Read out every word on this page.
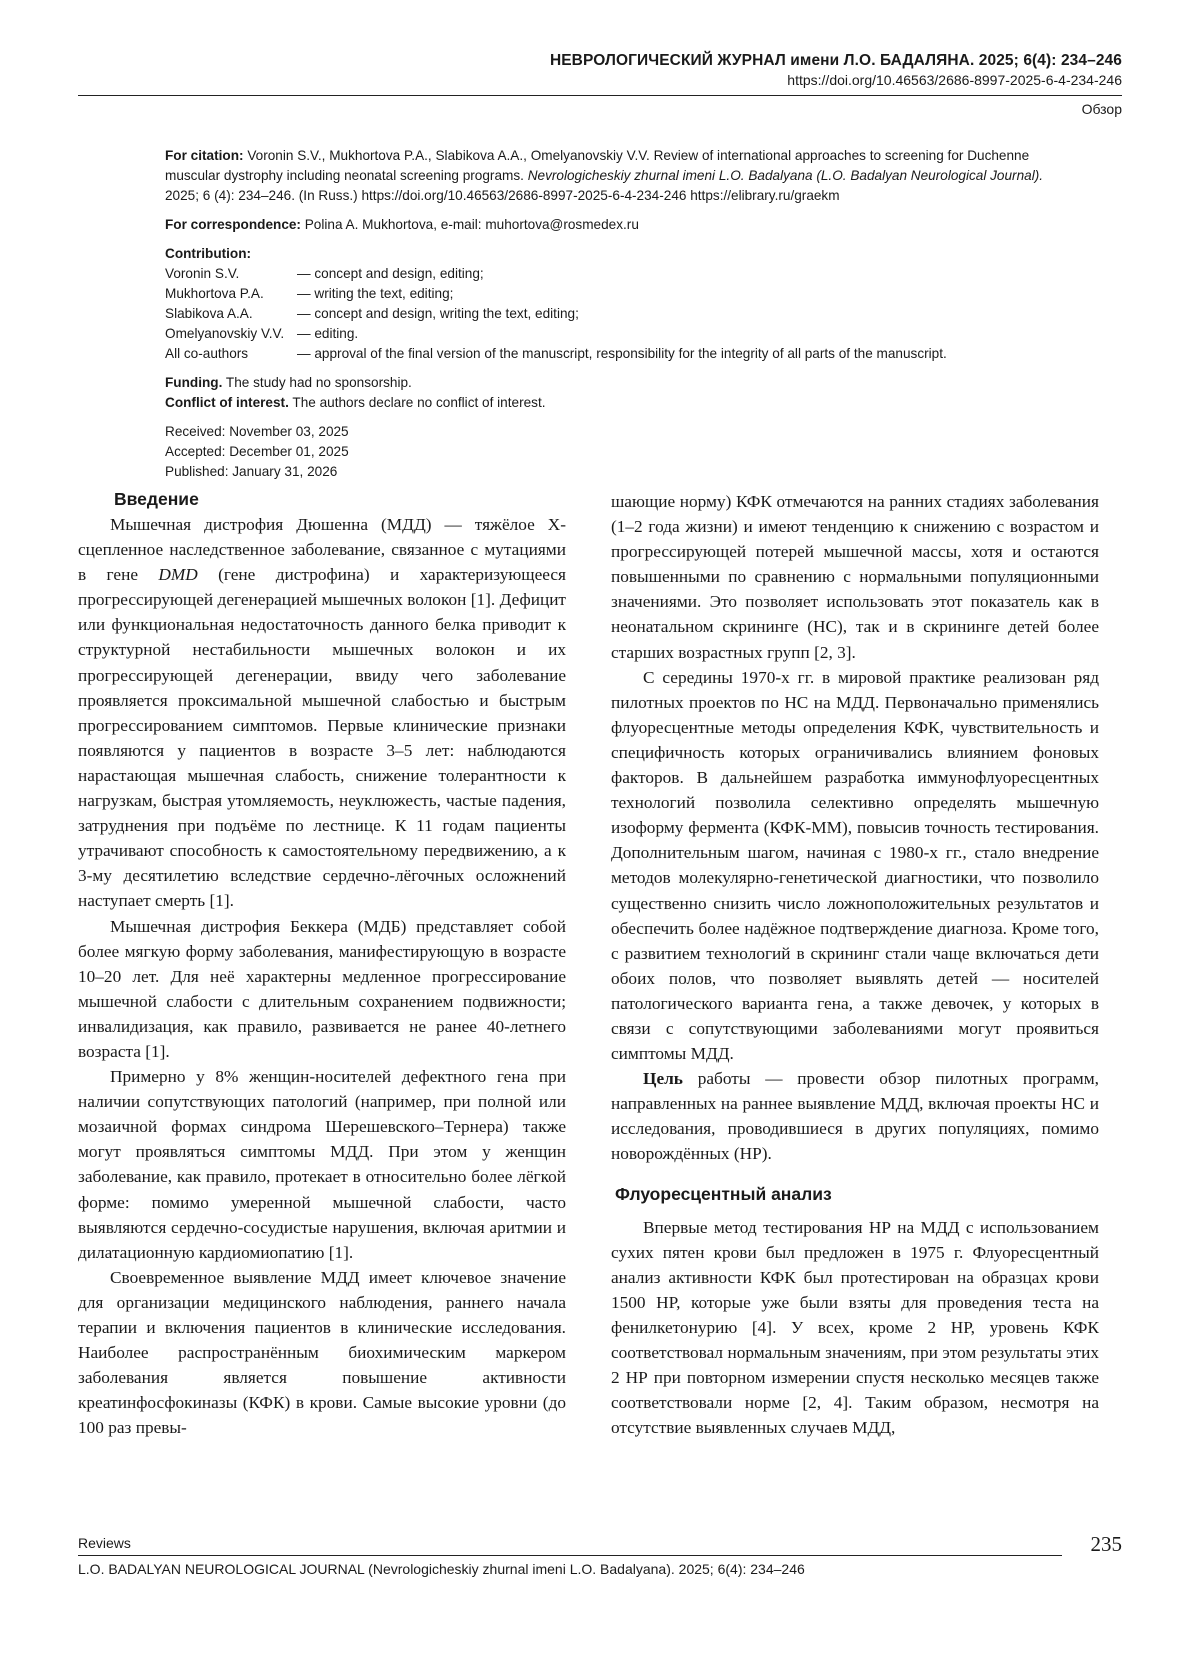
НЕВРОЛОГИЧЕСКИЙ ЖУРНАЛ имени Л.О. БАДАЛЯНА. 2025; 6(4): 234–246
https://doi.org/10.46563/2686-8997-2025-6-4-234-246
Обзор

For citation: Voronin S.V., Mukhortova P.A., Slabikova A.A., Omelyanovskiy V.V. Review of international approaches to screening for Duchenne muscular dystrophy including neonatal screening programs. Nevrologicheskiy zhurnal imeni L.O. Badalyana (L.O. Badalyan Neurological Journal). 2025; 6 (4): 234–246. (In Russ.) https://doi.org/10.46563/2686-8997-2025-6-4-234-246 https://elibrary.ru/graekm

For correspondence: Polina A. Mukhortova, e-mail: muhortova@rosmedex.ru

Contribution:

Voronin S.V.	— concept and design, editing;
Mukhortova P.A.	— writing the text, editing;
Slabikova A.A.	— concept and design, writing the text, editing;
Omelyanovskiy V.V. — editing.
All co-authors	— approval of the final version of the manuscript, responsibility for the integrity of all parts of the manuscript.

Funding. The study had no sponsorship.

Conflict of interest. The authors declare no conflict of interest.

Received: November 03, 2025

Accepted: December 01, 2025

Published: January 31, 2026

Введение

Мышечная дистрофия Дюшенна (МДД) — тяжёлое Х-сцепленное наследственное заболевание, связанное с мутациями в гене DMD (гене дистрофина) и характеризующееся прогрессирующей дегенерацией мышечных волокон [1]. Дефицит или функциональная недостаточность данного белка приводит к структурной нестабильности мышечных волокон и их прогрессирующей дегенерации, ввиду чего заболевание проявляется проксимальной мышечной слабостью и быстрым прогрессированием симптомов. Первые клинические признаки появляются у пациентов в возрасте 3–5 лет: наблюдаются нарастающая мышечная слабость, снижение толерантности к нагрузкам, быстрая утомляемость, неуклюжесть, частые падения, затруднения при подъёме по лестнице. К 11 годам пациенты утрачивают способность к самостоятельному передвижению, а к 3-му десятилетию вследствие сердечно-лёгочных осложнений наступает смерть [1].

Мышечная дистрофия Беккера (МДБ) представляет собой более мягкую форму заболевания, манифестирующую в возрасте 10–20 лет. Для неё характерны медленное прогрессирование мышечной слабости с длительным сохранением подвижности; инвалидизация, как правило, развивается не ранее 40-летнего возраста [1].

Примерно у 8% женщин-носителей дефектного гена при наличии сопутствующих патологий (например, при полной или мозаичной формах синдрома Шерешевского–Тернера) также могут проявляться симптомы МДД. При этом у женщин заболевание, как правило, протекает в относительно более лёгкой форме: помимо умеренной мышечной слабости, часто выявляются сердечно-сосудистые нарушения, включая аритмии и дилатационную кардиомиопатию [1].

Своевременное выявление МДД имеет ключевое значение для организации медицинского наблюдения, раннего начала терапии и включения пациентов в клинические исследования. Наиболее распространённым биохимическим маркером заболевания является повышение активности креатинфосфокиназы (КФК) в крови. Самые высокие уровни (до 100 раз превы-

шающие норму) КФК отмечаются на ранних стадиях заболевания (1–2 года жизни) и имеют тенденцию к снижению с возрастом и прогрессирующей потерей мышечной массы, хотя и остаются повышенными по сравнению с нормальными популяционными значениями. Это позволяет использовать этот показатель как в неонатальном скрининге (НС), так и в скрининге детей более старших возрастных групп [2, 3].

С середины 1970-х гг. в мировой практике реализован ряд пилотных проектов по НС на МДД. Первоначально применялись флуоресцентные методы определения КФК, чувствительность и специфичность которых ограничивались влиянием фоновых факторов. В дальнейшем разработка иммунофлуоресцентных технологий позволила селективно определять мышечную изоформу фермента (КФК-ММ), повысив точность тестирования. Дополнительным шагом, начиная с 1980-х гг., стало внедрение методов молекулярно-генетической диагностики, что позволило существенно снизить число ложноположительных результатов и обеспечить более надёжное подтверждение диагноза. Кроме того, с развитием технологий в скрининг стали чаще включаться дети обоих полов, что позволяет выявлять детей — носителей патологического варианта гена, а также девочек, у которых в связи с сопутствующими заболеваниями могут проявиться симптомы МДД.

Цель работы — провести обзор пилотных программ, направленных на раннее выявление МДД, включая проекты НС и исследования, проводившиеся в других популяциях, помимо новорождённых (НР).

Флуоресцентный анализ

Впервые метод тестирования НР на МДД с использованием сухих пятен крови был предложен в 1975 г. Флуоресцентный анализ активности КФК был протестирован на образцах крови 1500 НР, которые уже были взяты для проведения теста на фенилкетонурию [4]. У всех, кроме 2 НР, уровень КФК соответствовал нормальным значениям, при этом результаты этих 2 НР при повторном измерении спустя несколько месяцев также соответствовали норме [2, 4]. Таким образом, несмотря на отсутствие выявленных случаев МДД,

Reviews	235
L.O. BADALYAN NEUROLOGICAL JOURNAL (Nevrologicheskiy zhurnal imeni L.O. Badalyana). 2025; 6(4): 234–246
